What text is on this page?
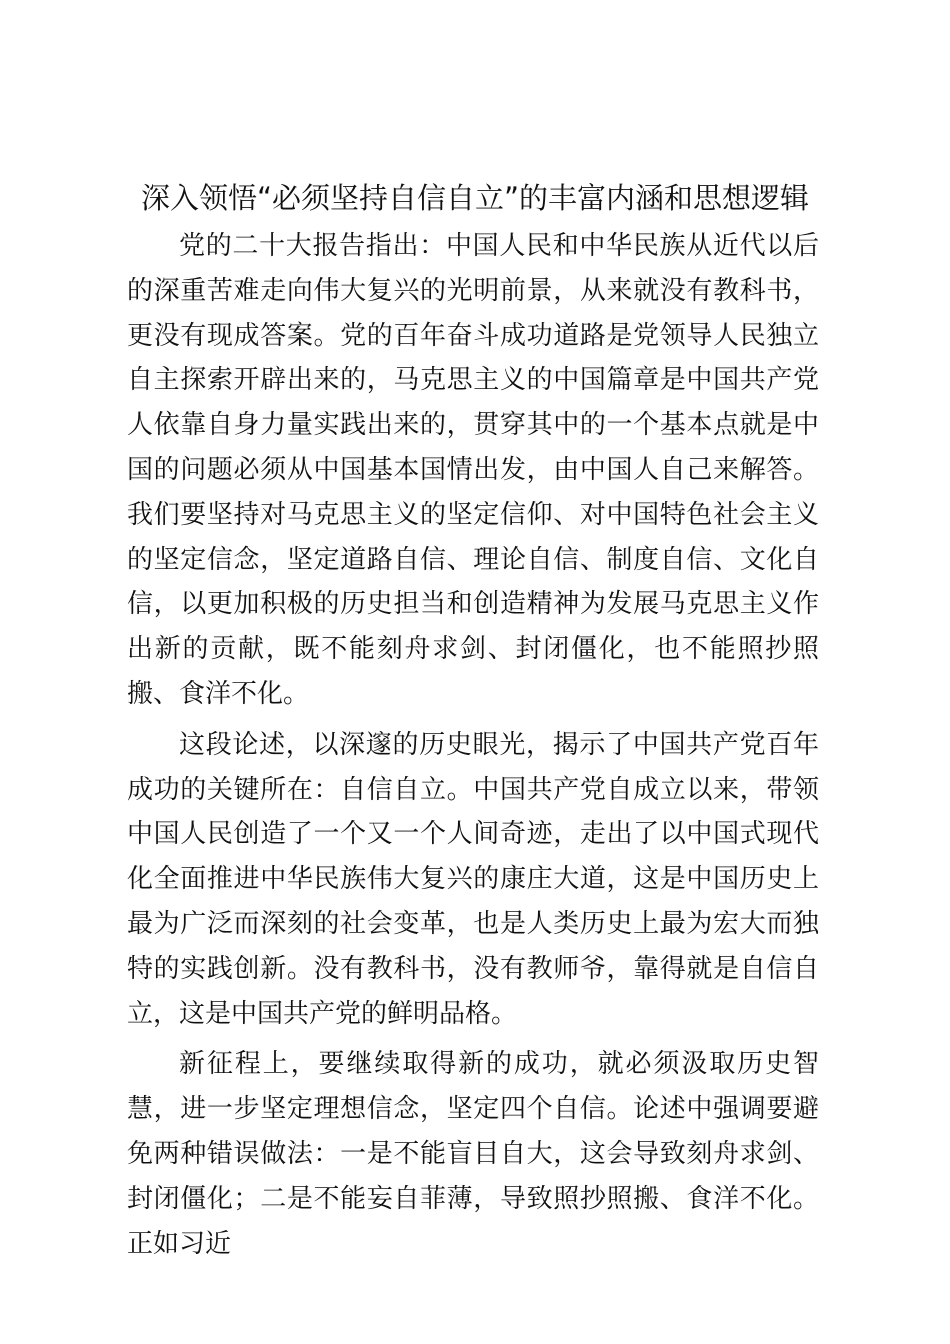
深入领悟“必须坚持自信自立”的丰富内涵和思想逻辑

党的二十大报告指出：中国人民和中华民族从近代以后的深重苦难走向伟大复兴的光明前景，从来就没有教科书，更没有现成答案。党的百年奋斗成功道路是党领导人民独立自主探索开辟出来的，马克思主义的中国篇章是中国共产党人依靠自身力量实践出来的，贯穿其中的一个基本点就是中国的问题必须从中国基本国情出发，由中国人自己来解答。我们要坚持对马克思主义的坚定信仰、对中国特色社会主义的坚定信念，坚定道路自信、理论自信、制度自信、文化自信，以更加积极的历史担当和创造精神为发展马克思主义作出新的贡献，既不能刻舟求剑、封闭僵化，也不能照抄照搬、食洋不化。

这段论述，以深邃的历史眼光，揭示了中国共产党百年成功的关键所在：自信自立。中国共产党自成立以来，带领中国人民创造了一个又一个人间奇迹，走出了以中国式现代化全面推进中华民族伟大复兴的康庄大道，这是中国历史上最为广泛而深刻的社会变革，也是人类历史上最为宏大而独特的实践创新。没有教科书，没有教师爷，靠得就是自信自立，这是中国共产党的鲜明品格。

新征程上，要继续取得新的成功，就必须汲取历史智慧，进一步坚定理想信念，坚定四个自信。论述中强调要避免两种错误做法：一是不能盲目自大，这会导致刻舟求剑、封闭僵化；二是不能妄自菲薄，导致照抄照搬、食洋不化。正如习近
